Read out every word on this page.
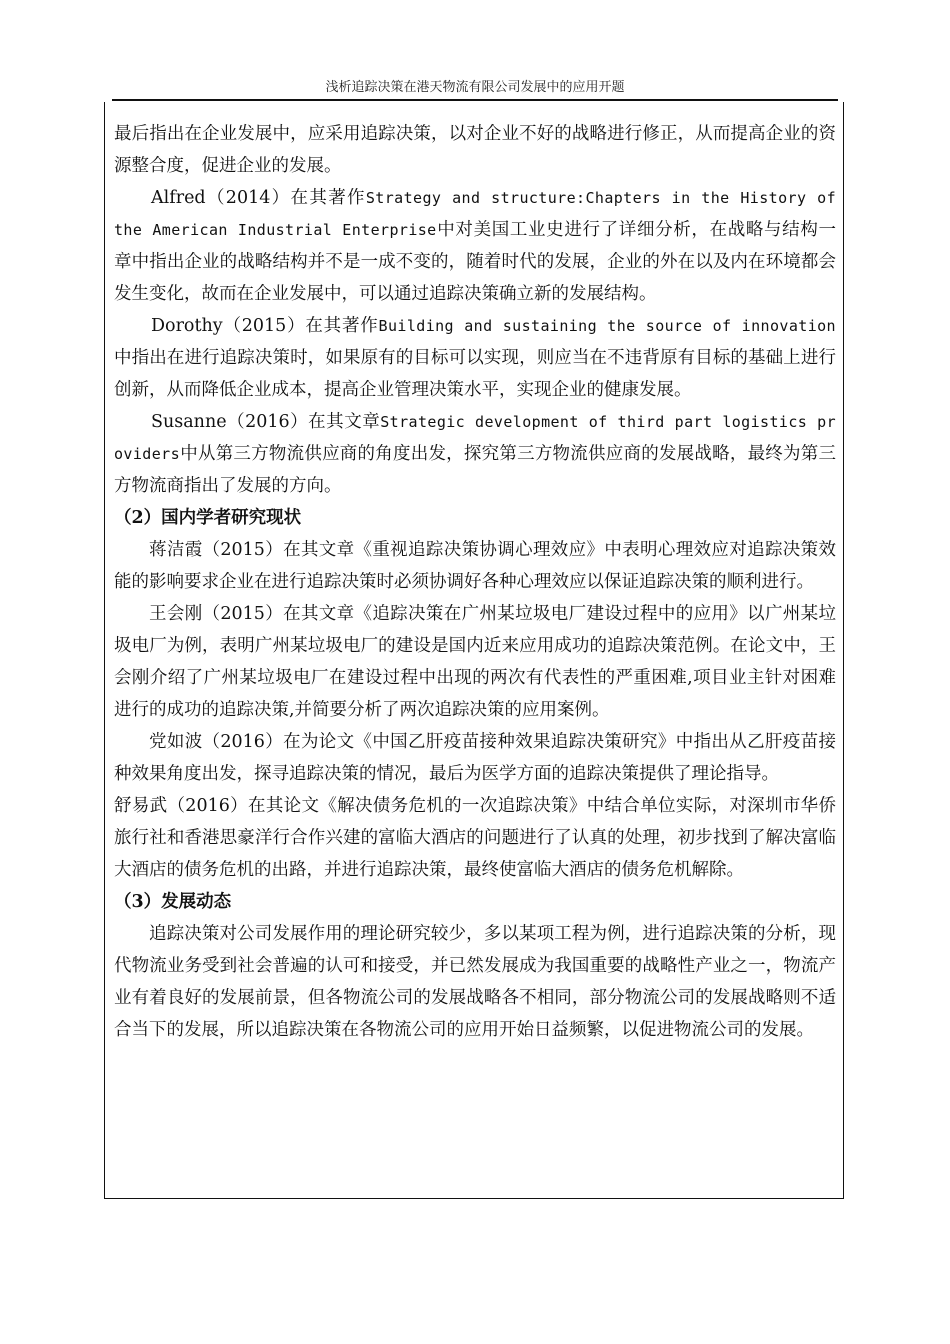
浅析追踪决策在港天物流有限公司发展中的应用开题

最后指出在企业发展中，应采用追踪决策，以对企业不好的战略进行修正，从而提高企业的资源整合度，促进企业的发展。

Alfred（2014）在其著作Strategy and structure:Chapters in the History of the American Industrial Enterprise中对美国工业史进行了详细分析，在战略与结构一章中指出企业的战略结构并不是一成不变的，随着时代的发展，企业的外在以及内在环境都会发生变化，故而在企业发展中，可以通过追踪决策确立新的发展结构。

Dorothy（2015）在其著作Building and sustaining the source of innovation中指出在进行追踪决策时，如果原有的目标可以实现，则应当在不违背原有目标的基础上进行创新，从而降低企业成本，提高企业管理决策水平，实现企业的健康发展。

Susanne（2016）在其文章Strategic development of third part logistics providers中从第三方物流供应商的角度出发，探究第三方物流供应商的发展战略，最终为第三方物流商指出了发展的方向。

（2）国内学者研究现状

蒋洁霞（2015）在其文章《重视追踪决策协调心理效应》中表明心理效应对追踪决策效能的影响要求企业在进行追踪决策时必须协调好各种心理效应以保证追踪决策的顺利进行。

王会刚（2015）在其文章《追踪决策在广州某垃圾电厂建设过程中的应用》以广州某垃圾电厂为例，表明广州某垃圾电厂的建设是国内近来应用成功的追踪决策范例。在论文中，王会刚介绍了广州某垃圾电厂在建设过程中出现的两次有代表性的严重困难,项目业主针对困难进行的成功的追踪决策,并简要分析了两次追踪决策的应用案例。

党如波（2016）在为论文《中国乙肝疫苗接种效果追踪决策研究》中指出从乙肝疫苗接种效果角度出发，探寻追踪决策的情况，最后为医学方面的追踪决策提供了理论指导。

舒易武（2016）在其论文《解决债务危机的一次追踪决策》中结合单位实际，对深圳市华侨旅行社和香港思豪洋行合作兴建的富临大酒店的问题进行了认真的处理，初步找到了解决富临大酒店的债务危机的出路，并进行追踪决策，最终使富临大酒店的债务危机解除。

（3）发展动态

追踪决策对公司发展作用的理论研究较少，多以某项工程为例，进行追踪决策的分析，现代物流业务受到社会普遍的认可和接受，并已然发展成为我国重要的战略性产业之一，物流产业有着良好的发展前景，但各物流公司的发展战略各不相同，部分物流公司的发展战略则不适合当下的发展，所以追踪决策在各物流公司的应用开始日益频繁，以促进物流公司的发展。
